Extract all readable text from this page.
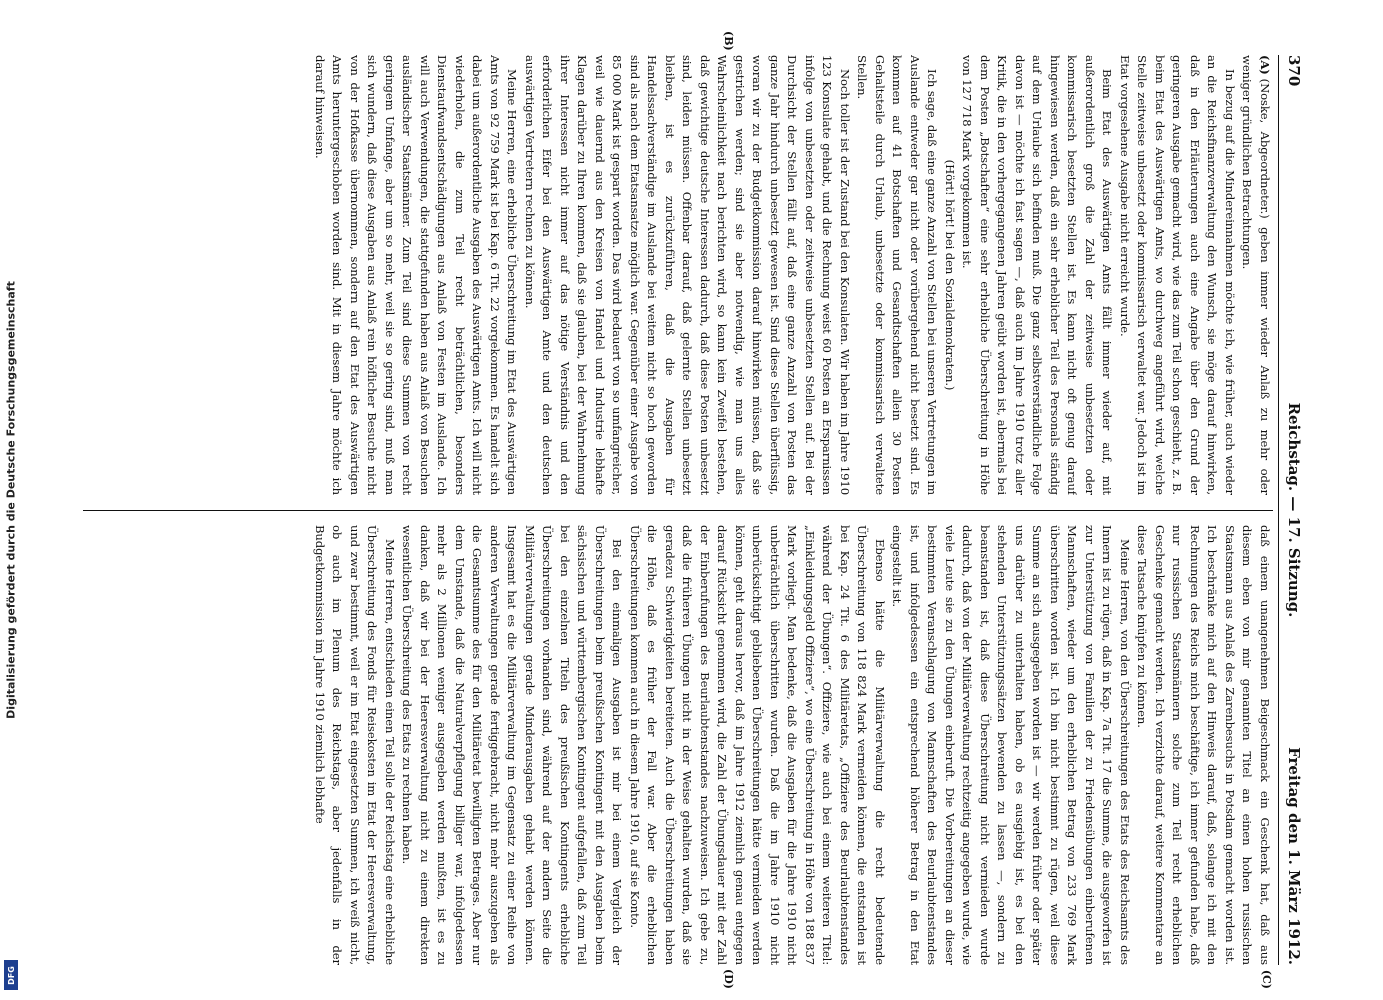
Digitalisierung gefördert durch die Deutsche Forschungsgemeinschaft
DFG
370
Reichstag. — 17. Sitzung.
Freitag den 1. März 1912.
(B)
(C)
(D)

(A)(Noske, Abgeordneter.) geben immer wieder Anlaß zu mehr oder weniger gründlichen Betrachtungen.

In bezug auf die Mindereinnahmen möchte ich, wie früher, auch wieder an die Reichsfinanzverwaltung den Wunsch, sie möge darauf hinwirken, daß in den Erläuterungen auch eine Angabe über den Grund der geringeren Ausgabe gemacht wird, wie das zum Teil schon geschieht, z. B. beim Etat des Auswärtigen Amts, wo durchweg angeführt wird, welche Stelle zeitweise unbesetzt oder kommissarisch verwaltet war. Jedoch ist im Etat vorgesehene Ausgabe nicht erreicht wurde.

Beim Etat des Auswärtigen Amts fällt immer wieder auf, mit außerordentlich groß die Zahl der zeitweise unbesetzten oder kommissarisch besetzten Stellen ist. Es kann nicht oft genug darauf hingewiesen werden, daß ein sehr erheblicher Teil des Personals ständig auf dem Urlaube sich befinden muß. Die ganz selbstverständliche Folge davon ist — möchte ich fast sagen —, daß auch im Jahre 1910 trotz aller Kritik, die in den vorhergegangenen Jahren geübt worden ist, abermals bei dem Posten „Botschaften“ eine sehr erhebliche Überschreitung in Höhe von 127 718 Mark vorgekommen ist.

(Hört! hört! bei den Sozialdemokraten.)

Ich sage, daß eine ganze Anzahl von Stellen bei unseren Vertretungen im Auslande entweder gar nicht oder vorübergehend nicht besetzt sind. Es kommen auf 41 Botschaften und Gesandtschaften allein 30 Posten Gehaltsteile durch Urlaub, unbesetzte oder kommissarisch verwaltete Stellen.

Noch toller ist der Zustand bei den Konsulaten. Wir haben im Jahre 1910 123 Konsulate gehabt, und die Rechnung weist 60 Posten an Ersparnissen infolge von unbesetzten oder zeitweise unbesetzten Stellen auf. Bei der Durchsicht der Stellen fällt auf, daß eine ganze Anzahl von Posten das ganze Jahr hindurch unbesetzt gewesen ist. Sind diese Stellen überflüssig, woran wir zu der Budgetkommission darauf hinwirken müssen, daß sie gestrichen werden; sind sie aber notwendig, wie man uns alles Wahrscheinlichkeit nach berichten wird, so kann kein Zweifel bestehen, daß gewichtige deutsche Interessen dadurch, daß diese Posten unbesetzt sind, leiden müssen. Offenbar darauf, daß gelernte Stellen unbesetzt bleiben, ist es zurückzuführen, daß die Ausgaben für Handelssachverständige im Auslande bei weitem nicht so hoch geworden sind als nach dem Etatsansatze möglich war. Gegenüber einer Ausgabe von 85 000 Mark ist gespart worden. Das wird bedauert von so umfangreicher, weil wie dauernd aus den Kreisen von Handel und Industrie lebhafte Klagen darüber zu Ihren kommen, daß sie glauben, bei der Wahrnehmung ihrer Interessen nicht immer auf das nötige Verständnis und den erforderlichen Eifer bei den Auswärtigen Amte und den deutschen auswärtigen Vertretern rechnen zu können.

Meine Herren, eine erhebliche Überschreitung im Etat des Auswärtigen Amts von 92 759 Mark ist bei Kap. 6 Tit. 22 vorgekommen. Es handelt sich dabei um außerordentliche Ausgaben des Auswärtigen Amts. Ich will nicht wiederholen, die zum Teil recht beträchtlichen, besonders Dienstaufwandsentschädigungen aus Anlaß von Festen im Auslande. Ich will auch Verwendungen, die stattgefunden haben aus Anlaß von Besuchen ausländischer Staatsmänner. Zum Teil sind diese Summen von recht geringem Umfange, aber um so mehr, weil sie so gering sind, muß man sich wundern, daß diese Ausgaben aus Anlaß rein höflicher Besuche nicht von der Hofkasse übernommen, sondern auf den Etat des Auswärtigen Amts heruntergeschoben worden sind. Mit in diesem Jahre möchte ich darauf hinweisen.

daß einem unangenehmen Beigeschmack ein Geschenk hat, daß aus diesem eben von mir genannten Titel an einen hohen russischen Staatsmann aus Anlaß des Zarenbesuchs in Potsdam gemacht worden ist. Ich beschränke mich auf den Hinweis darauf, daß, solange ich mit den Rechnungen des Reichs mich beschäftige, ich immer gefunden habe, daß nur russischen Staatsmännern solche zum Teil recht erheblichen Geschenke gemacht werden. Ich verzichte darauf, weitere Kommentare an diese Tatsache knüpfen zu können.

Meine Herren, von den Überschreitungen des Etats des Reichsamts des Innern ist zu rügen, daß in Kap. 7a Tit. 17 die Summe, die ausgeworfen ist zur Unterstützung von Familien der zu Friedensübungen einberufenen Mannschaften, wieder um den erheblichen Betrag von 233 769 Mark überschritten worden ist. Ich bin nicht bestimmt zu rügen, weil diese Summe an sich ausgegeben worden ist — wir werden früher oder später uns darüber zu unterhalten haben, ob es ausgiebig ist, es bei den stehenden Unterstützungssätzen bewenden zu lassen —, sondern zu beanstanden ist, daß diese Überschreitung nicht vermieden wurde dadurch, daß von der Militärverwaltung rechtzeitig angegeben wurde, wie viele Leute sie zu den Übungen einberuft. Die Vorbereitungen an dieser bestimmten Veranschlagung von Mannschaften des Beurlaubtenstandes ist, und infolgedessen ein entsprechend höherer Betrag in den Etat eingestellt ist.

Ebenso hätte die Militärverwaltung die recht bedeutende Überschreitung von 118 824 Mark vermeiden können, die entstanden ist bei Kap. 24 Tit. 6 des Militäretats, „Offiziere des Beurlaubtenstandes während der Übungen“. Offiziere, wie auch bei einem weiteren Titel: „Einkleidungsgeld Offiziere“, wo eine Überschreitung in Höhe von 188 837 Mark vorliegt. Man bedenke, daß die Ausgaben für die Jahre 1910 nicht unbeträchtlich überschritten wurden. Daß die im Jahre 1910 nicht unberücksichtigt gebliebenen Überschreitungen hätte vermieden werden können, geht daraus hervor, daß im Jahre 1912 ziemlich genau entgegen darauf Rücksicht genommen wird, die Zahl der Übungsdauer mit der Zahl der Einberufungen des Beurlaubtenstandes nachzuweisen. Ich gebe zu, daß die früheren Übungen nicht in der Weise gehalten wurden, daß sie geradezu Schwierigkeiten bereiteten. Auch die Überschreitungen haben die Höhe, daß es früher der Fall war. Aber die erheblichen Überschreitungen kommen auch in diesem Jahre 1910, auf sie Konto.

Bei den einmaligen Ausgaben ist mir bei einem Vergleich der Überschreitungen beim preußischen Kontingent mit den Ausgaben beim sächsischen und württembergischen Kontingent aufgefallen, daß zum Teil bei den einzelnen Titeln des preußischen Kontingents erhebliche Überschreitungen vorhanden sind, während auf der andern Seite die Militärverwaltungen gerade Minderausgaben gehabt werden können. Insgesamt hat es die Militärverwaltung im Gegensatz zu einer Reihe von anderen Verwaltungen gerade fertiggebracht, nicht mehr auszugeben als die Gesamtsumme des für den Militäretat bewilligten Betrages. Aber nur dem Umstande, daß die Naturalverpflegung billiger war, infolgedessen mehr als 2 Millionen weniger ausgegeben werden mußten, ist es zu danken, daß wir bei der Heeresverwaltung nicht zu einem direkten wesentlichen Überschreitung des Etats zu rechnen haben.

Meine Herren, entschieden einen Teil solle der Reichstag eine erhebliche Überschreitung des Fonds für Reisekosten im Etat der Heeresverwaltung, und zwar bestimmt, weil er im Etat eingesetzten Summen, ich weiß nicht, ob auch im Plenum des Reichstags, aber jedenfalls in der Budgetkommission im Jahre 1910 ziemlich lebhafte
